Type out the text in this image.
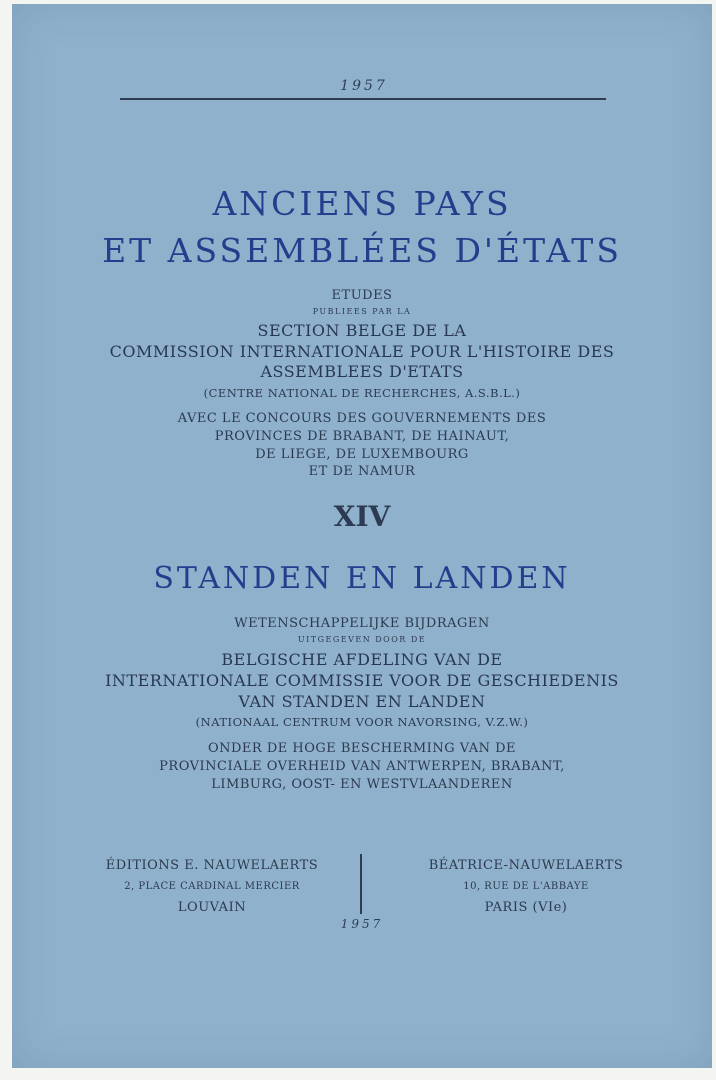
1957
ANCIENS PAYS
ET ASSEMBLÉES D'ÉTATS
ETUDES
PUBLIEES PAR LA
SECTION BELGE DE LA
COMMISSION INTERNATIONALE POUR L'HISTOIRE DES
ASSEMBLEES D'ETATS
(CENTRE NATIONAL DE RECHERCHES, A.S.B.L.)
AVEC LE CONCOURS DES GOUVERNEMENTS DES
PROVINCES DE BRABANT, DE HAINAUT,
DE LIEGE, DE LUXEMBOURG
ET DE NAMUR
XIV
STANDEN EN LANDEN
WETENSCHAPPELIJKE BIJDRAGEN
UITGEGEVEN DOOR DE
BELGISCHE AFDELING VAN DE
INTERNATIONALE COMMISSIE VOOR DE GESCHIEDENIS
VAN STANDEN EN LANDEN
(NATIONAAL CENTRUM VOOR NAVORSING, V.Z.W.)
ONDER DE HOGE BESCHERMING VAN DE
PROVINCIALE OVERHEID VAN ANTWERPEN, BRABANT,
LIMBURG, OOST- EN WESTVLAANDEREN
ÉDITIONS E. NAUWELAERTS
2, PLACE CARDINAL MERCIER
LOUVAIN
BÉATRICE-NAUWELAERTS
10, RUE DE L'ABBAYE
PARIS (VIe)
1957
